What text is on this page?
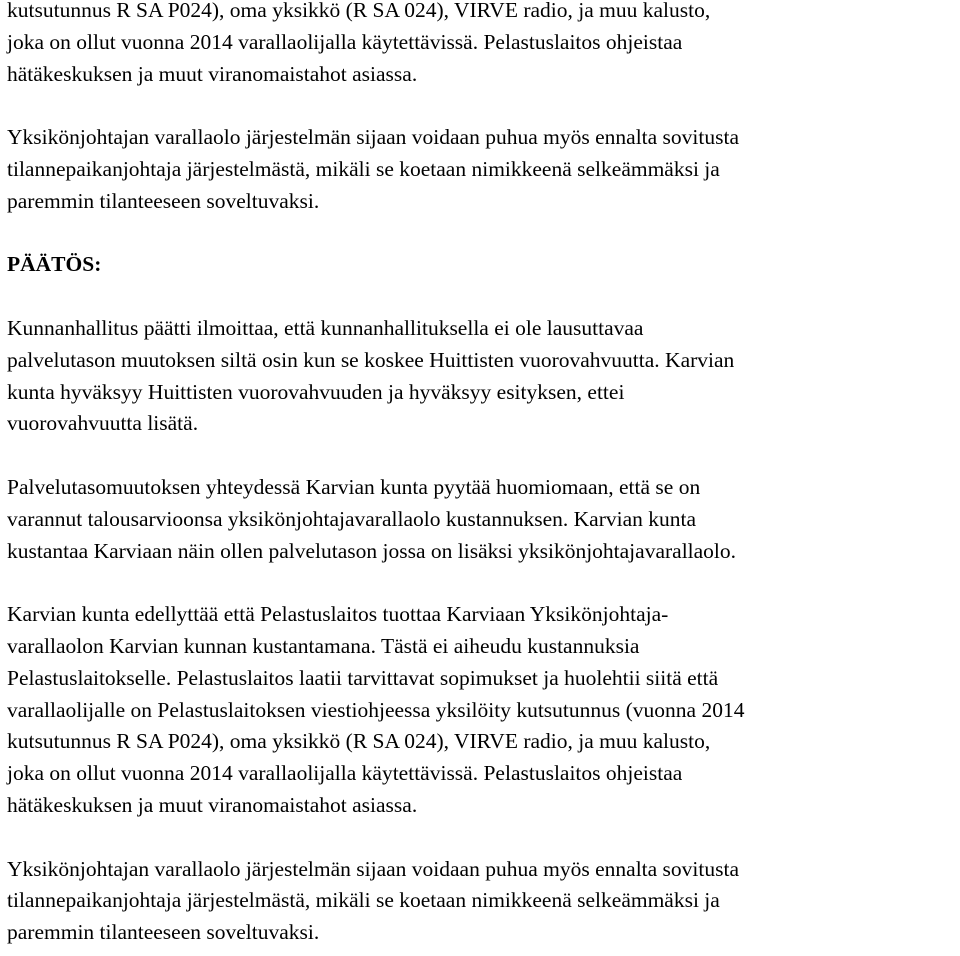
kutsutunnus R SA P024), oma yksikkö (R SA 024), VIRVE radio, ja muu kalusto,
joka on ollut vuonna 2014 varallaolijalla käytettävissä. Pelastuslaitos ohjeistaa
hätäkeskuksen ja muut viranomaistahot asiassa.
Yksikönjohtajan varallaolo järjestelmän sijaan voidaan puhua myös ennalta sovitusta
tilannepaikanjohtaja järjestelmästä, mikäli se koetaan nimikkeenä selkeämmäksi ja
paremmin tilanteeseen soveltuvaksi.
PÄÄTÖS:
Kunnanhallitus päätti ilmoittaa, että kunnanhallituksella ei ole lausuttavaa
palvelutason muutoksen siltä osin kun se koskee Huittisten vuorovahvuutta. Karvian
kunta hyväksyy Huittisten vuorovahvuuden ja hyväksyy esityksen, ettei
vuorovahvuutta lisätä.
Palvelutasomuutoksen yhteydessä Karvian kunta pyytää huomiomaan, että se on
varannut talousarvioonsa yksikönjohtajavarallaolo kustannuksen. Karvian kunta
kustantaa Karviaan näin ollen palvelutason jossa on lisäksi yksikönjohtajavarallaolo.
Karvian kunta edellyttää että Pelastuslaitos tuottaa Karviaan Yksikönjohtaja-
varallaolon Karvian kunnan kustantamana. Tästä ei aiheudu kustannuksia
Pelastuslaitokselle. Pelastuslaitos laatii tarvittavat sopimukset ja huolehtii siitä että
varallaolijalle on Pelastuslaitoksen viestiohjeessa yksilöity kutsutunnus (vuonna 2014
kutsutunnus R SA P024), oma yksikkö (R SA 024), VIRVE radio, ja muu kalusto,
joka on ollut vuonna 2014 varallaolijalla käytettävissä. Pelastuslaitos ohjeistaa
hätäkeskuksen ja muut viranomaistahot asiassa.
Yksikönjohtajan varallaolo järjestelmän sijaan voidaan puhua myös ennalta sovitusta
tilannepaikanjohtaja järjestelmästä, mikäli se koetaan nimikkeenä selkeämmäksi ja
paremmin tilanteeseen soveltuvaksi.
